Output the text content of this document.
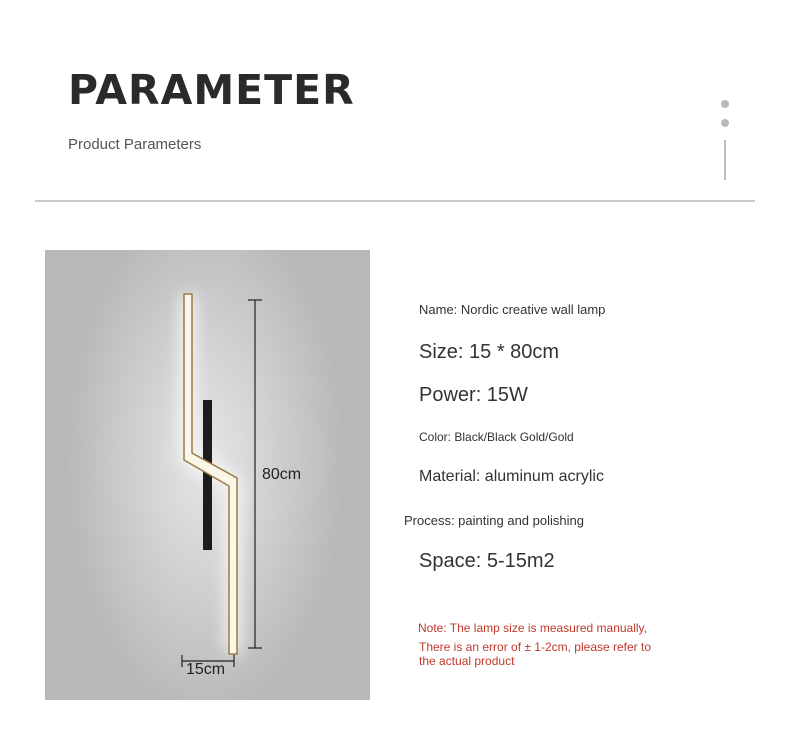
PARAMETER

Product Parameters

80cm
15cm
Name: Nordic creative wall lamp
Size: 15 * 80cm
Power: 15W
Color: Black/Black Gold/Gold
Material: aluminum acrylic
Process: painting and polishing
Space: 5-15m2
Note: The lamp size is measured manually,
There is an error of ± 1-2cm, please refer to
the actual product
